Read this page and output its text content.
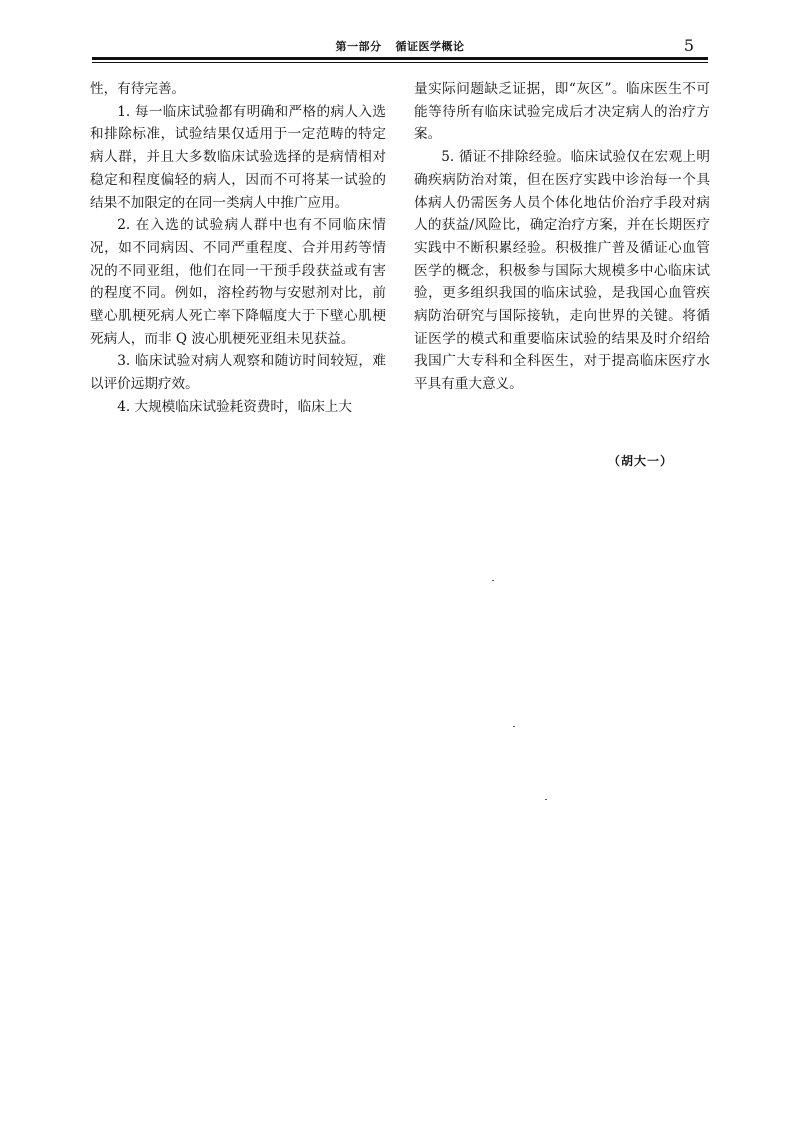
第一部分 循证医学概论	5

性，有待完善。

1. 每一临床试验都有明确和严格的病人入选和排除标准，试验结果仅适用于一定范畴的特定病人群，并且大多数临床试验选择的是病情相对稳定和程度偏轻的病人，因而不可将某一试验的结果不加限定的在同一类病人中推广应用。

2. 在入选的试验病人群中也有不同临床情况，如不同病因、不同严重程度、合并用药等情况的不同亚组，他们在同一干预手段获益或有害的程度不同。例如，溶栓药物与安慰剂对比，前壁心肌梗死病人死亡率下降幅度大于下壁心肌梗死病人，而非 Q 波心肌梗死亚组未见获益。

3. 临床试验对病人观察和随访时间较短，难以评价远期疗效。

4. 大规模临床试验耗资费时，临床上大

量实际问题缺乏证据，即“灰区”。临床医生不可能等待所有临床试验完成后才决定病人的治疗方案。

5. 循证不排除经验。临床试验仅在宏观上明确疾病防治对策，但在医疗实践中诊治每一个具体病人仍需医务人员个体化地估价治疗手段对病人的获益/风险比，确定治疗方案，并在长期医疗实践中不断积累经验。积极推广普及循证心血管医学的概念，积极参与国际大规模多中心临床试验，更多组织我国的临床试验，是我国心血管疾病防治研究与国际接轨，走向世界的关键。将循证医学的模式和重要临床试验的结果及时介绍给我国广大专科和全科医生，对于提高临床医疗水平具有重大意义。

（胡大一）
